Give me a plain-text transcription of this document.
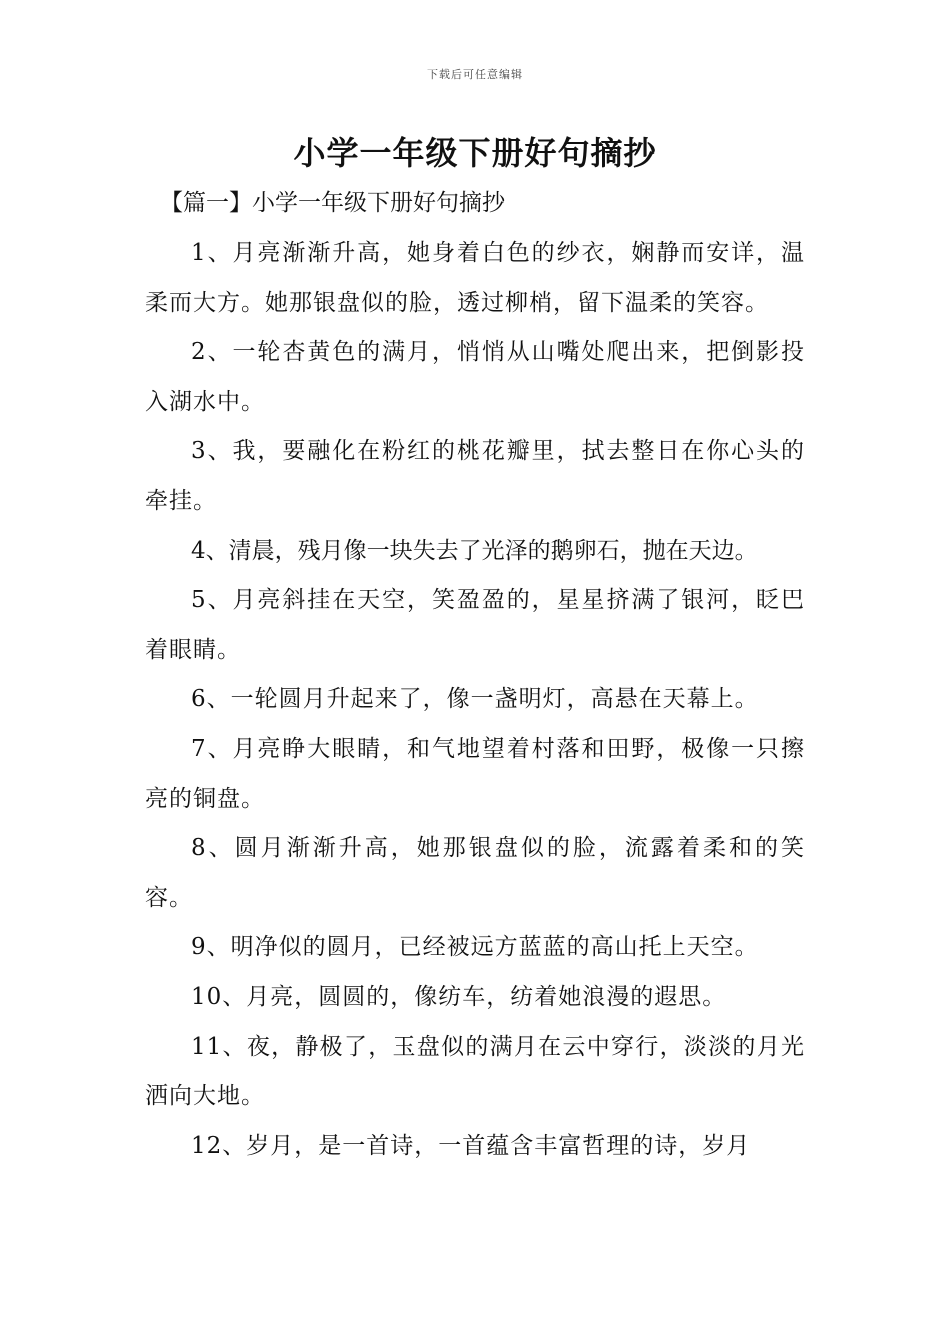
下载后可任意编辑
小学一年级下册好句摘抄
【篇一】小学一年级下册好句摘抄

1、月亮渐渐升高，她身着白色的纱衣，娴静而安详，温柔而大方。她那银盘似的脸，透过柳梢，留下温柔的笑容。

2、一轮杏黄色的满月，悄悄从山嘴处爬出来，把倒影投入湖水中。

3、我，要融化在粉红的桃花瓣里，拭去整日在你心头的牵挂。

4、清晨，残月像一块失去了光泽的鹅卵石，抛在天边。

5、月亮斜挂在天空，笑盈盈的，星星挤满了银河，眨巴着眼睛。

6、一轮圆月升起来了，像一盏明灯，高悬在天幕上。

7、月亮睁大眼睛，和气地望着村落和田野，极像一只擦亮的铜盘。

8、圆月渐渐升高，她那银盘似的脸，流露着柔和的笑容。

9、明净似的圆月，已经被远方蓝蓝的高山托上天空。

10、月亮，圆圆的，像纺车，纺着她浪漫的遐思。

11、夜，静极了，玉盘似的满月在云中穿行，淡淡的月光洒向大地。

12、岁月，是一首诗，一首蕴含丰富哲理的诗，岁月
